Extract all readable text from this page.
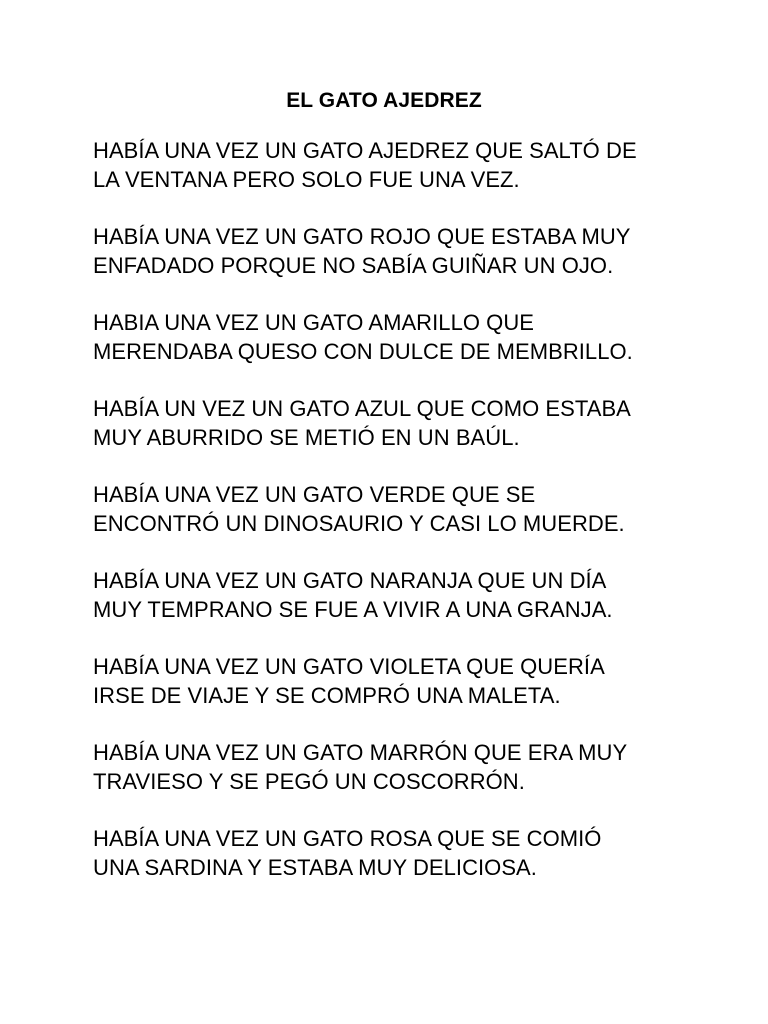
EL GATO AJEDREZ
HABÍA UNA VEZ UN GATO AJEDREZ QUE SALTÓ DE
LA VENTANA PERO SOLO FUE UNA VEZ.
HABÍA UNA VEZ UN GATO ROJO QUE ESTABA MUY
ENFADADO PORQUE NO SABÍA GUIÑAR UN OJO.
HABIA UNA VEZ UN GATO AMARILLO QUE
MERENDABA QUESO CON DULCE DE MEMBRILLO.
HABÍA UN VEZ UN GATO AZUL QUE COMO ESTABA
MUY ABURRIDO SE METIÓ EN UN BAÚL.
HABÍA UNA VEZ UN GATO VERDE QUE SE
ENCONTRÓ UN DINOSAURIO Y CASI LO MUERDE.
HABÍA UNA VEZ UN GATO NARANJA QUE UN DÍA
MUY TEMPRANO SE FUE A VIVIR A UNA GRANJA.
HABÍA UNA VEZ UN GATO VIOLETA QUE QUERÍA
IRSE DE VIAJE Y SE COMPRÓ UNA MALETA.
HABÍA UNA VEZ UN GATO MARRÓN QUE ERA MUY
TRAVIESO Y SE PEGÓ UN COSCORRÓN.
HABÍA UNA VEZ UN GATO ROSA QUE SE COMIÓ
UNA SARDINA Y ESTABA MUY DELICIOSA.
